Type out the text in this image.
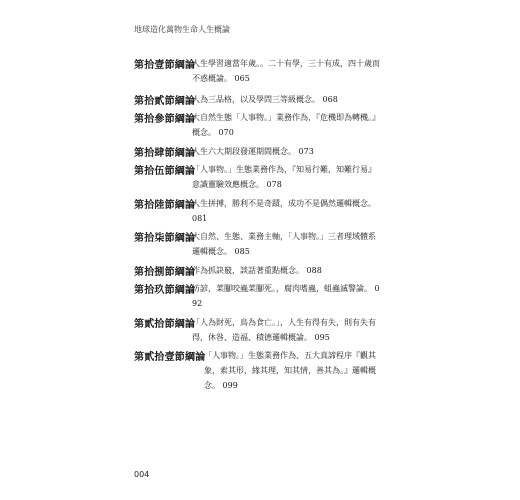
地球造化萬物生命人生概論
第拾壹節綱論
人生學習適當年歲。。二十有學，三十有成，四十歲而不惑概論。 065
第拾貳節綱論
人為三品格，以及學問三等級概念。 068
第拾參節綱論
大自然生態「人事物。」業務作為，『危機即為轉機。』概念。 070
第拾肆節綱論
人生六大期段發運期間概念。 073
第拾伍節綱論
「人事物。」生態業務作為，『知易行難，知難行易』意識靈驗效應概念。 078
第拾陸節綱論
人生拼搏，勝利不是奇蹟，成功不是偶然邏輯概念。 081
第拾柒節綱論
大自然、生態、業務主軸，「人事物。」三者理域體系邏輯概念。 085
第拾捌節綱論
作為抓訣竅，談話著重點概念。 088
第拾玖節綱論
坊諺，菜腳咬蟲菜腳死。，腐肉嗜蟲，蛆蟲滅警論。 092
第貳拾節綱論
「人為財死，鳥為食亡。」，人生有得有失，則有失有得，休咎、造福、積德邏輯概論。 095
第貳拾壹節綱論
「人事物。」生態業務作為、五大真諦程序『觀其象，索其形，緣其理，知其情，善其為。』邏輯概念。 099
004
